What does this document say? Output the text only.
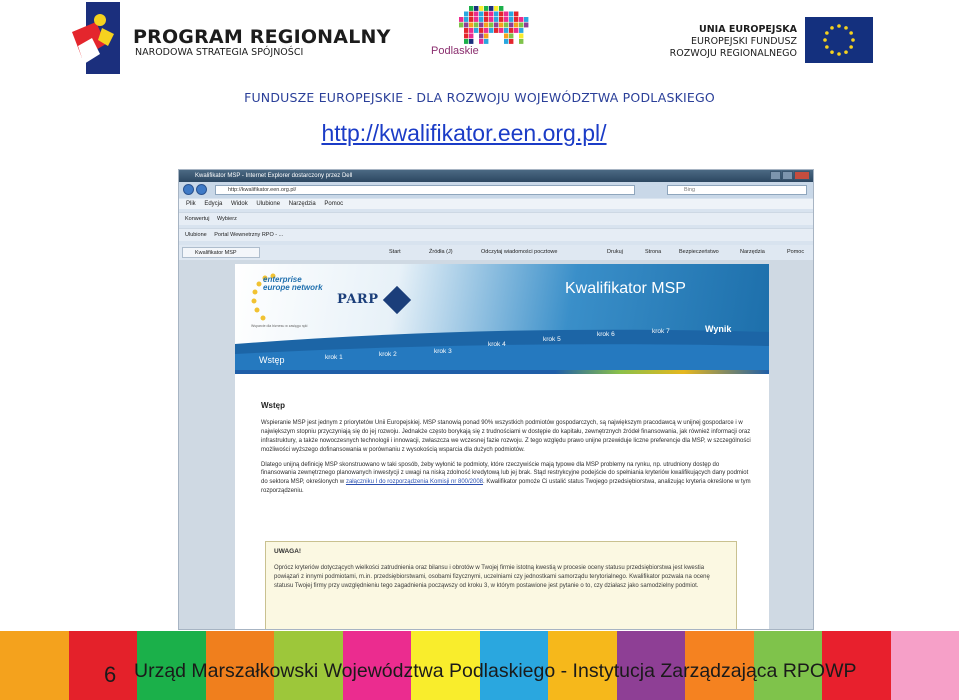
PROGRAM REGIONALNY
NARODOWA STRATEGIA SPÓJNOŚCI	Podlaskie
UNIA EUROPEJSKA
EUROPEJSKI FUNDUSZ
ROZWOJU REGIONALNEGO
FUNDUSZE EUROPEJSKIE - DLA ROZWOJU WOJEWÓDZTWA PODLASKIEGO
http://kwalifikator.een.org.pl/
Kwalifikator MSP - Internet Explorer dostarczony przez Dell
http://kwalifikator.een.org.pl/	Bing
Plik Edycja Widok Ulubione Narzędzia Pomoc
Konwertuj Wybierz
Ulubione Portal Wewnetrzny RPO - ...
Kwalifikator MSP	Start	Źródła (J)	Odczytaj wiadomości pocztowe	Drukuj	Strona	Bezpieczeństwo	Narzędzia	Pomoc
enterprise europe network
Wsparcie dla biznesu w zasięgu ręki
PARP
Kwalifikator MSP
Wstęp	krok 1	krok 2	krok 3
krok 4
krok 5
krok 6	krok 7	Wynik
Wstęp

Wspieranie MSP jest jednym z priorytetów Unii Europejskiej. MSP stanowią ponad 90% wszystkich podmiotów gospodarczych, są największym pracodawcą w unijnej gospodarce i w największym stopniu przyczyniają się do jej rozwoju. Jednakże często borykają się z trudnościami w dostępie do kapitału, zewnętrznych źródeł finansowania, jak również informacji oraz infrastruktury, a także nowoczesnych technologii i innowacji, zwłaszcza we wczesnej fazie rozwoju. Z tego względu prawo unijne przewiduje liczne preferencje dla MSP, w szczególności możliwości wyższego dofinansowania w porównaniu z wysokością wsparcia dla dużych podmiotów.

Dlatego unijną definicję MSP skonstruowano w taki sposób, żeby wyłonić te podmioty, które rzeczywiście mają typowe dla MSP problemy na rynku, np. utrudniony dostęp do finansowania zewnętrznego planowanych inwestycji z uwagi na niską zdolność kredytową lub jej brak. Stąd restrykcyjne podejście do spełniania kryteriów kwalifikujących dany podmiot do sektora MSP, określonych w załączniku I do rozporządzenia Komisji nr 800/2008. Kwalifikator pomoże Ci ustalić status Twojego przedsiębiorstwa, analizując kryteria określone w tym rozporządzeniu.

UWAGA!

Oprócz kryteriów dotyczących wielkości zatrudnienia oraz bilansu i obrotów w Twojej firmie istotną kwestią w procesie oceny statusu przedsiębiorstwa jest kwestia powiązań z innymi podmiotami, m.in. przedsiębiorstwami, osobami fizycznymi, uczelniami czy jednostkami samorządu terytorialnego. Kwalifikator pozwala na ocenę statusu Twojej firmy przy uwzględnieniu tego zagadnienia począwszy od kroku 3, w którym postawione jest pytanie o to, czy działasz jako samodzielny podmiot.

6 Urząd Marszałkowski Województwa Podlaskiego - Instytucja Zarządzająca RPOWP
